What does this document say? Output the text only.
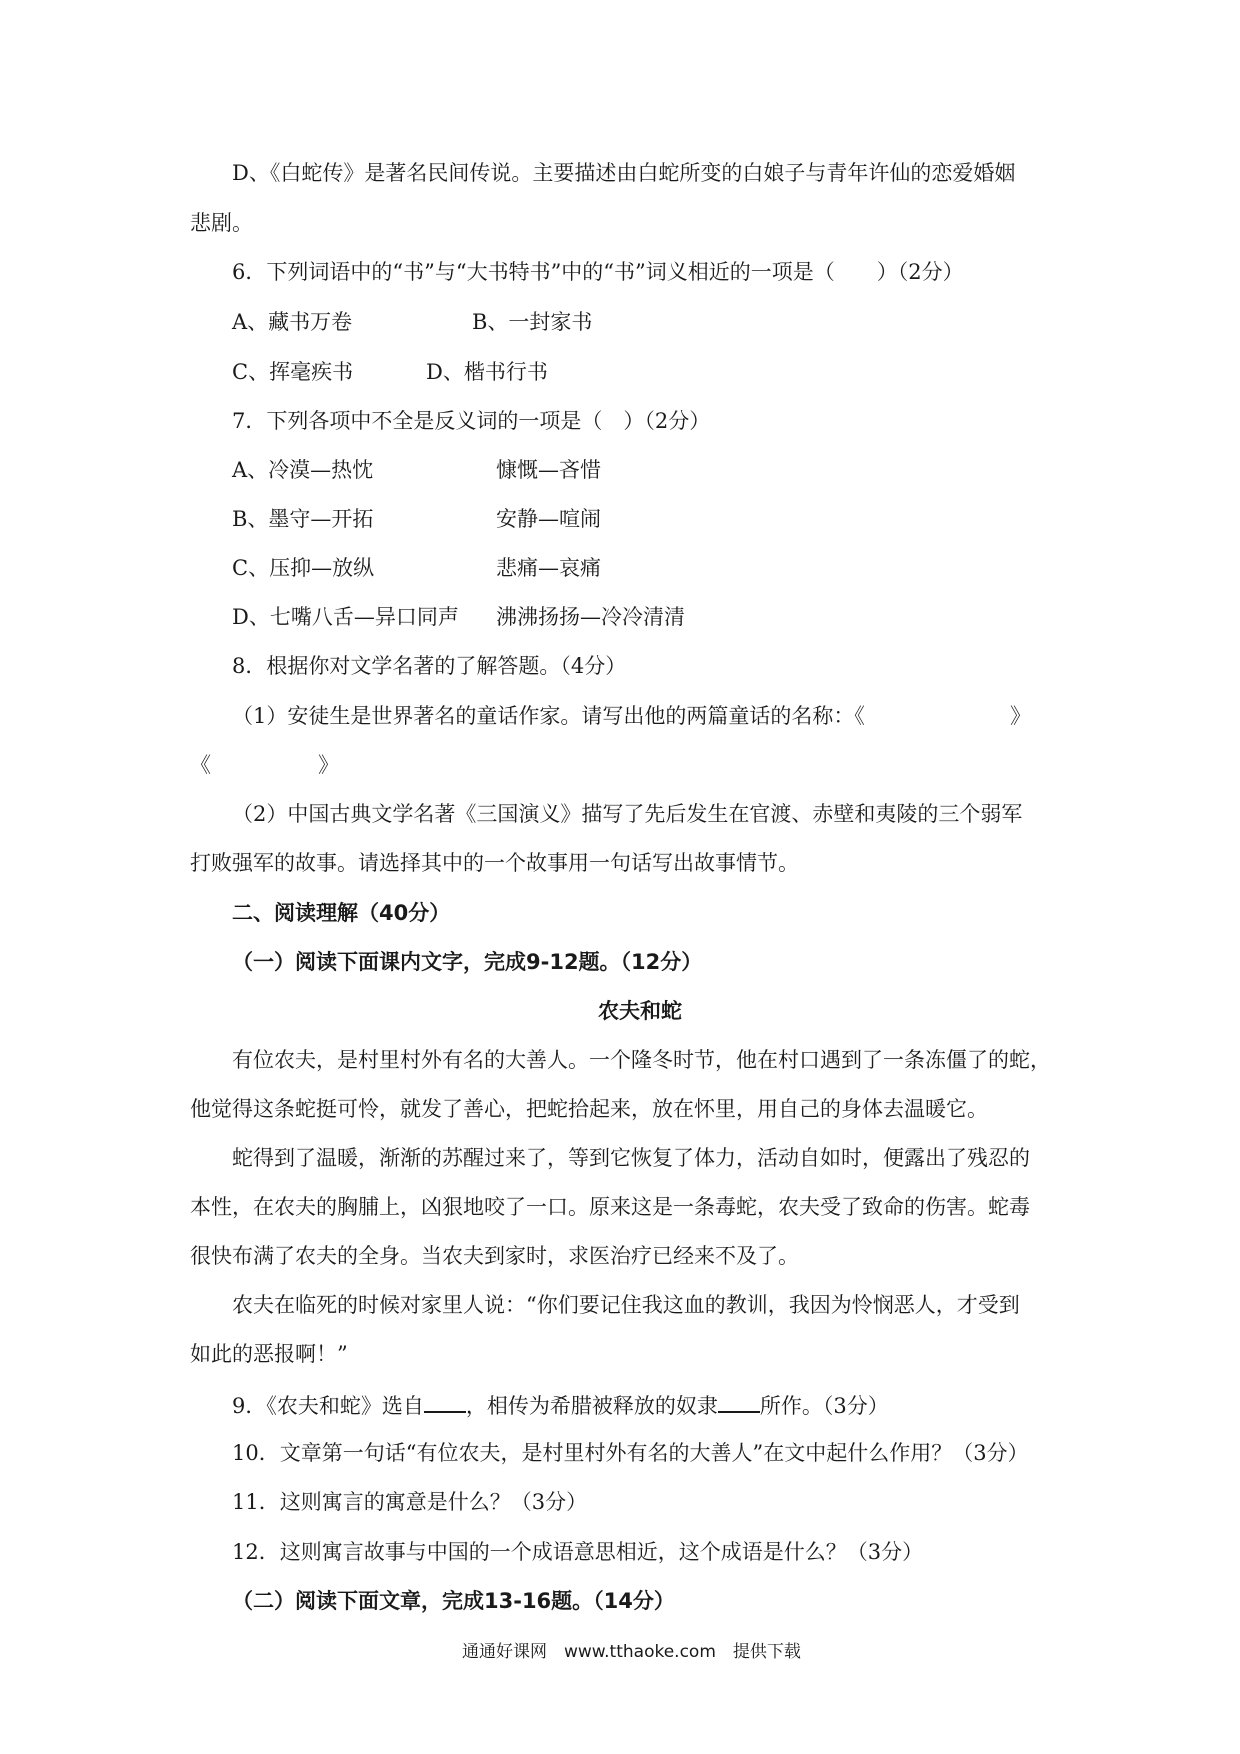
D、《白蛇传》是著名民间传说。主要描述由白蛇所变的白娘子与青年许仙的恋爱婚姻
悲剧。
6．下列词语中的“书”与“大书特书”中的“书”词义相近的一项是（　　）（2分）
A、藏书万卷	B、一封家书
C、挥毫疾书	D、楷书行书
7．下列各项中不全是反义词的一项是（　）（2分）
A、冷漠—热忱	慷慨—吝惜
B、墨守—开拓	安静—喧闹
C、压抑—放纵	悲痛—哀痛
D、七嘴八舌—异口同声 沸沸扬扬—冷冷清清
8．根据你对文学名著的了解答题。（4分）
（1）安徒生是世界著名的童话作家。请写出他的两篇童话的名称：《	》
《	》
（2）中国古典文学名著《三国演义》描写了先后发生在官渡、赤壁和夷陵的三个弱军
打败强军的故事。请选择其中的一个故事用一句话写出故事情节。
二、阅读理解（40分）
（一）阅读下面课内文字，完成9-12题。（12分）
农夫和蛇
有位农夫，是村里村外有名的大善人。一个隆冬时节，他在村口遇到了一条冻僵了的蛇，
他觉得这条蛇挺可怜，就发了善心，把蛇拾起来，放在怀里，用自己的身体去温暖它。
蛇得到了温暖，渐渐的苏醒过来了，等到它恢复了体力，活动自如时，便露出了残忍的
本性，在农夫的胸脯上，凶狠地咬了一口。原来这是一条毒蛇，农夫受了致命的伤害。蛇毒
很快布满了农夫的全身。当农夫到家时，求医治疗已经来不及了。
农夫在临死的时候对家里人说：“你们要记住我这血的教训，我因为怜悯恶人，才受到
如此的恶报啊！”
9．《农夫和蛇》选自 ，相传为希腊被释放的奴隶 所作。（3分）
10．文章第一句话“有位农夫，是村里村外有名的大善人”在文中起什么作用？（3分）
11．这则寓言的寓意是什么？（3分）
12．这则寓言故事与中国的一个成语意思相近，这个成语是什么？（3分）
（二）阅读下面文章，完成13-16题。（14分）
通通好课网　www.tthaoke.com　提供下载
